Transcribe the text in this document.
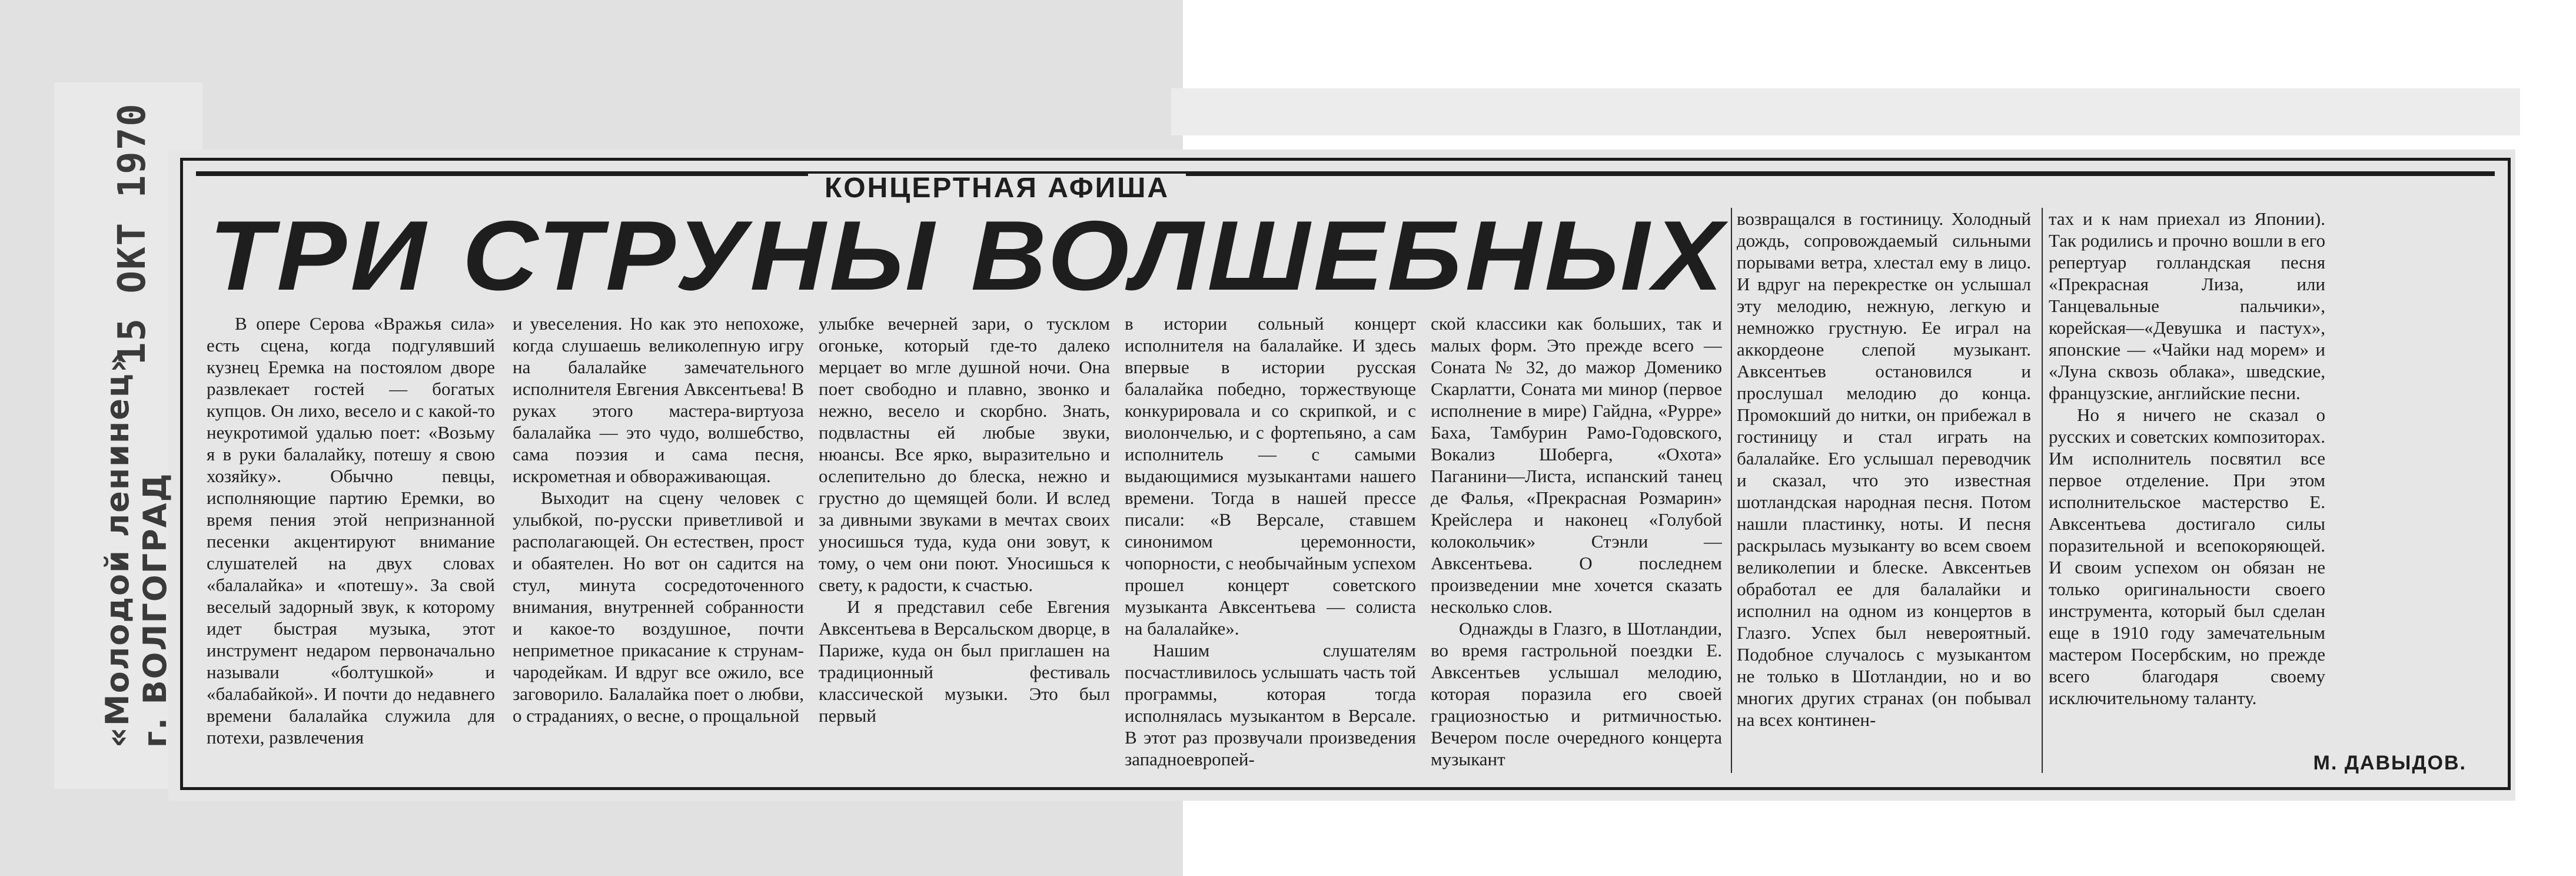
15 ОКТ 1970
«Молодой ленинец» г. ВОЛГОГРАД
КОНЦЕРТНАЯ АФИША
ТРИ СТРУНЫ ВОЛШЕБНЫХ

В опере Серова «Вражья сила» есть сцена, когда подгулявший кузнец Еремка на постоялом дворе развлекает гостей — богатых купцов. Он лихо, весело и с какой-то неукротимой удалью поет: «Возьму я в руки балалайку, потешу я свою хозяйку». Обычно певцы, исполняющие партию Еремки, во время пения этой непризнанной песенки акцентируют внимание слушателей на двух словах «балалайка» и «потешу». За свой веселый задорный звук, к которому идет быстрая музыка, этот инструмент недаром первоначально называли «болтушкой» и «балабайкой». И почти до недавнего времени балалайка служила для потехи, развлечения

и увеселения. Но как это непохоже, когда слушаешь великолепную игру на балалайке замечательного исполнителя Евгения Авксентьева! В руках этого мастера-виртуоза балалайка — это чудо, волшебство, сама поэзия и сама песня, искрометная и обвораживающая.

Выходит на сцену человек с улыбкой, по-русски приветливой и располагающей. Он естествен, прост и обаятелен. Но вот он садится на стул, минута сосредоточенного внимания, внутренней собранности и какое-то воздушное, почти неприметное прикасание к струнам-чародейкам. И вдруг все ожило, все заговорило. Балалайка поет о любви, о страданиях, о весне, о прощальной

улыбке вечерней зари, о тусклом огоньке, который где-то далеко мерцает во мгле душной ночи. Она поет свободно и плавно, звонко и нежно, весело и скорбно. Знать, подвластны ей любые звуки, нюансы. Все ярко, выразительно и ослепительно до блеска, нежно и грустно до щемящей боли. И вслед за дивными звуками в мечтах своих уносишься туда, куда они зовут, к тому, о чем они поют. Уносишься к свету, к радости, к счастью.

И я представил себе Евгения Авксентьева в Версальском дворце, в Париже, куда он был приглашен на традиционный фестиваль классической музыки. Это был первый

в истории сольный концерт исполнителя на балалайке. И здесь впервые в истории русская балалайка победно, торжествующе конкурировала и со скрипкой, и с виолончелью, и с фортепьяно, а сам исполнитель — с самыми выдающимися музыкантами нашего времени. Тогда в нашей прессе писали: «В Версале, ставшем синонимом церемонности, чопорности, с необычайным успехом прошел концерт советского музыканта Авксентьева — солиста на балалайке».

Нашим слушателям посчастливилось услышать часть той программы, которая тогда исполнялась музыкантом в Версале. В этот раз прозвучали произведения западноевропей-

ской классики как больших, так и малых форм. Это прежде всего — Соната № 32, до мажор Доменико Скарлатти, Соната ми минор (первое исполнение в мире) Гайдна, «Рурре» Баха, Тамбурин Рамо-Годовского, Вокализ Шоберга, «Охота» Паганини—Листа, испанский танец де Фалья, «Прекрасная Розмарин» Крейслера и наконец «Голубой колокольчик» Стэнли — Авксентьева. О последнем произведении мне хочется сказать несколько слов.

Однажды в Глазго, в Шотландии, во время гастрольной поездки Е. Авксентьев услышал мелодию, которая поразила его своей грациозностью и ритмичностью. Вечером после очередного концерта музыкант

возвращался в гостиницу. Холодный дождь, сопровождаемый сильными порывами ветра, хлестал ему в лицо. И вдруг на перекрестке он услышал эту мелодию, нежную, легкую и немножко грустную. Ее играл на аккордеоне слепой музыкант. Авксентьев остановился и прослушал мелодию до конца. Промокший до нитки, он прибежал в гостиницу и стал играть на балалайке. Его услышал переводчик и сказал, что это известная шотландская народная песня. Потом нашли пластинку, ноты. И песня раскрылась музыканту во всем своем великолепии и блеске. Авксентьев обработал ее для балалайки и исполнил на одном из концертов в Глазго. Успех был невероятный. Подобное случалось с музыкантом не только в Шотландии, но и во многих других странах (он побывал на всех континен-

тах и к нам приехал из Японии). Так родились и прочно вошли в его репертуар голландская песня «Прекрасная Лиза, или Танцевальные пальчики», корейская—«Девушка и пастух», японские — «Чайки над морем» и «Луна сквозь облака», шведские, французские, английские песни.

Но я ничего не сказал о русских и советских композиторах. Им исполнитель посвятил все первое отделение. При этом исполнительское мастерство Е. Авксентьева достигало силы поразительной и всепокоряющей. И своим успехом он обязан не только оригинальности своего инструмента, который был сделан еще в 1910 году замечательным мастером Посербским, но прежде всего благодаря своему исключительному таланту.

М. ДАВЫДОВ.
